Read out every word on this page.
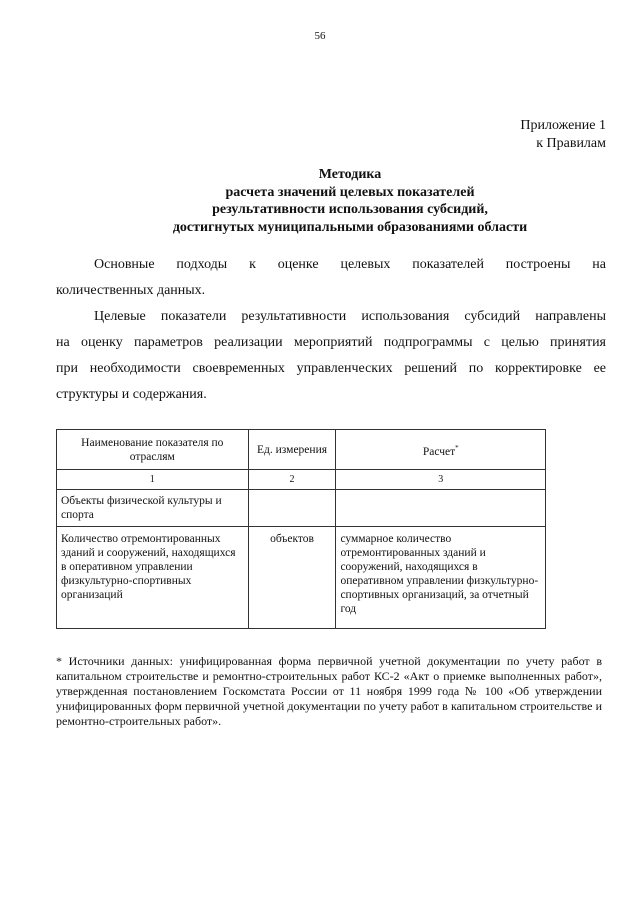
56
Приложение 1
к Правилам
Методика
расчета значений целевых показателей
результативности использования субсидий,
достигнутых муниципальными образованиями области
Основные подходы к оценке целевых показателей построены на
количественных данных.
Целевые показатели результативности использования субсидий направлены
на оценку параметров реализации мероприятий подпрограммы с целью принятия
при необходимости своевременных управленческих решений по корректировке ее
структуры и содержания.
Наименование показателя по отраслям	Ед. измерения	Расчет*
1	2	3
Объекты физической культуры и спорта		
Количество отремонтированных зданий и сооружений, находящихся в оперативном управлении физкультурно-спортивных организаций	объектов	суммарное количество отремонтированных зданий и сооружений, находящихся в оперативном управлении физкультурно-спортивных организаций, за отчетный год
* Источники данных: унифицированная форма первичной учетной документации по учету работ в капитальном строительстве и ремонтно-строительных работ КС-2 «Акт о приемке выполненных работ», утвержденная постановлением Госкомстата России от 11 ноября 1999 года № 100 «Об утверждении унифицированных форм первичной учетной документации по учету работ в капитальном строительстве и ремонтно-строительных работ».
